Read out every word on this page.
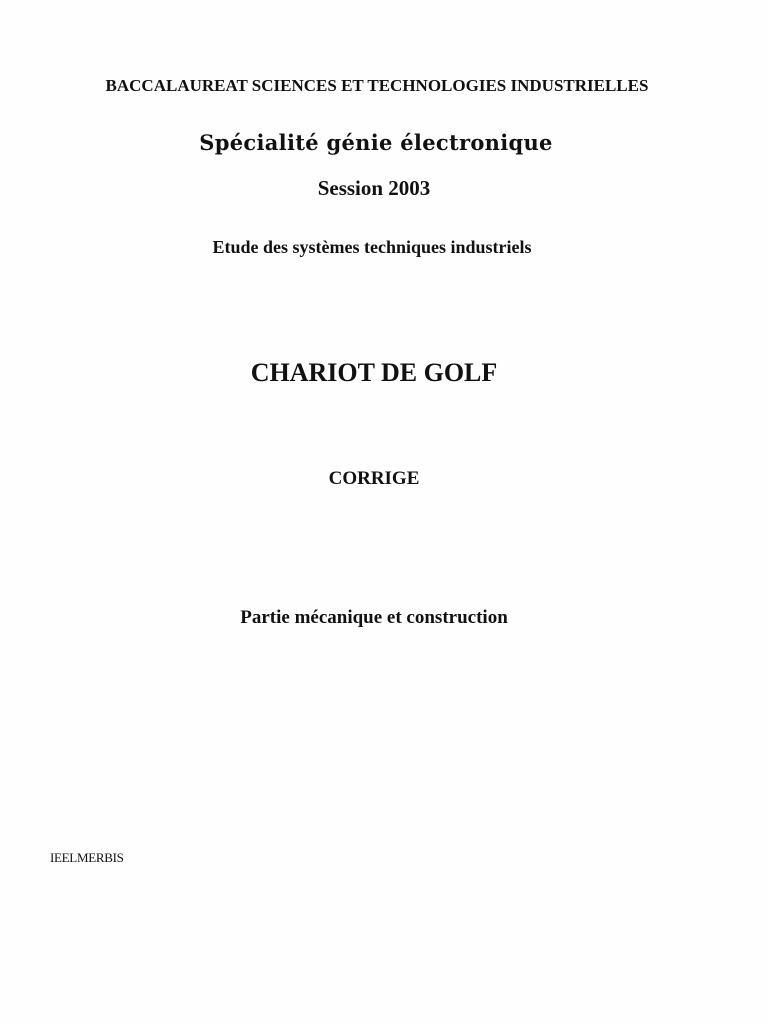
BACCALAUREAT SCIENCES ET TECHNOLOGIES INDUSTRIELLES
Spécialité génie électronique
Session 2003
Etude des systèmes techniques industriels
CHARIOT DE GOLF
CORRIGE
Partie mécanique et construction
IEELMERBIS
